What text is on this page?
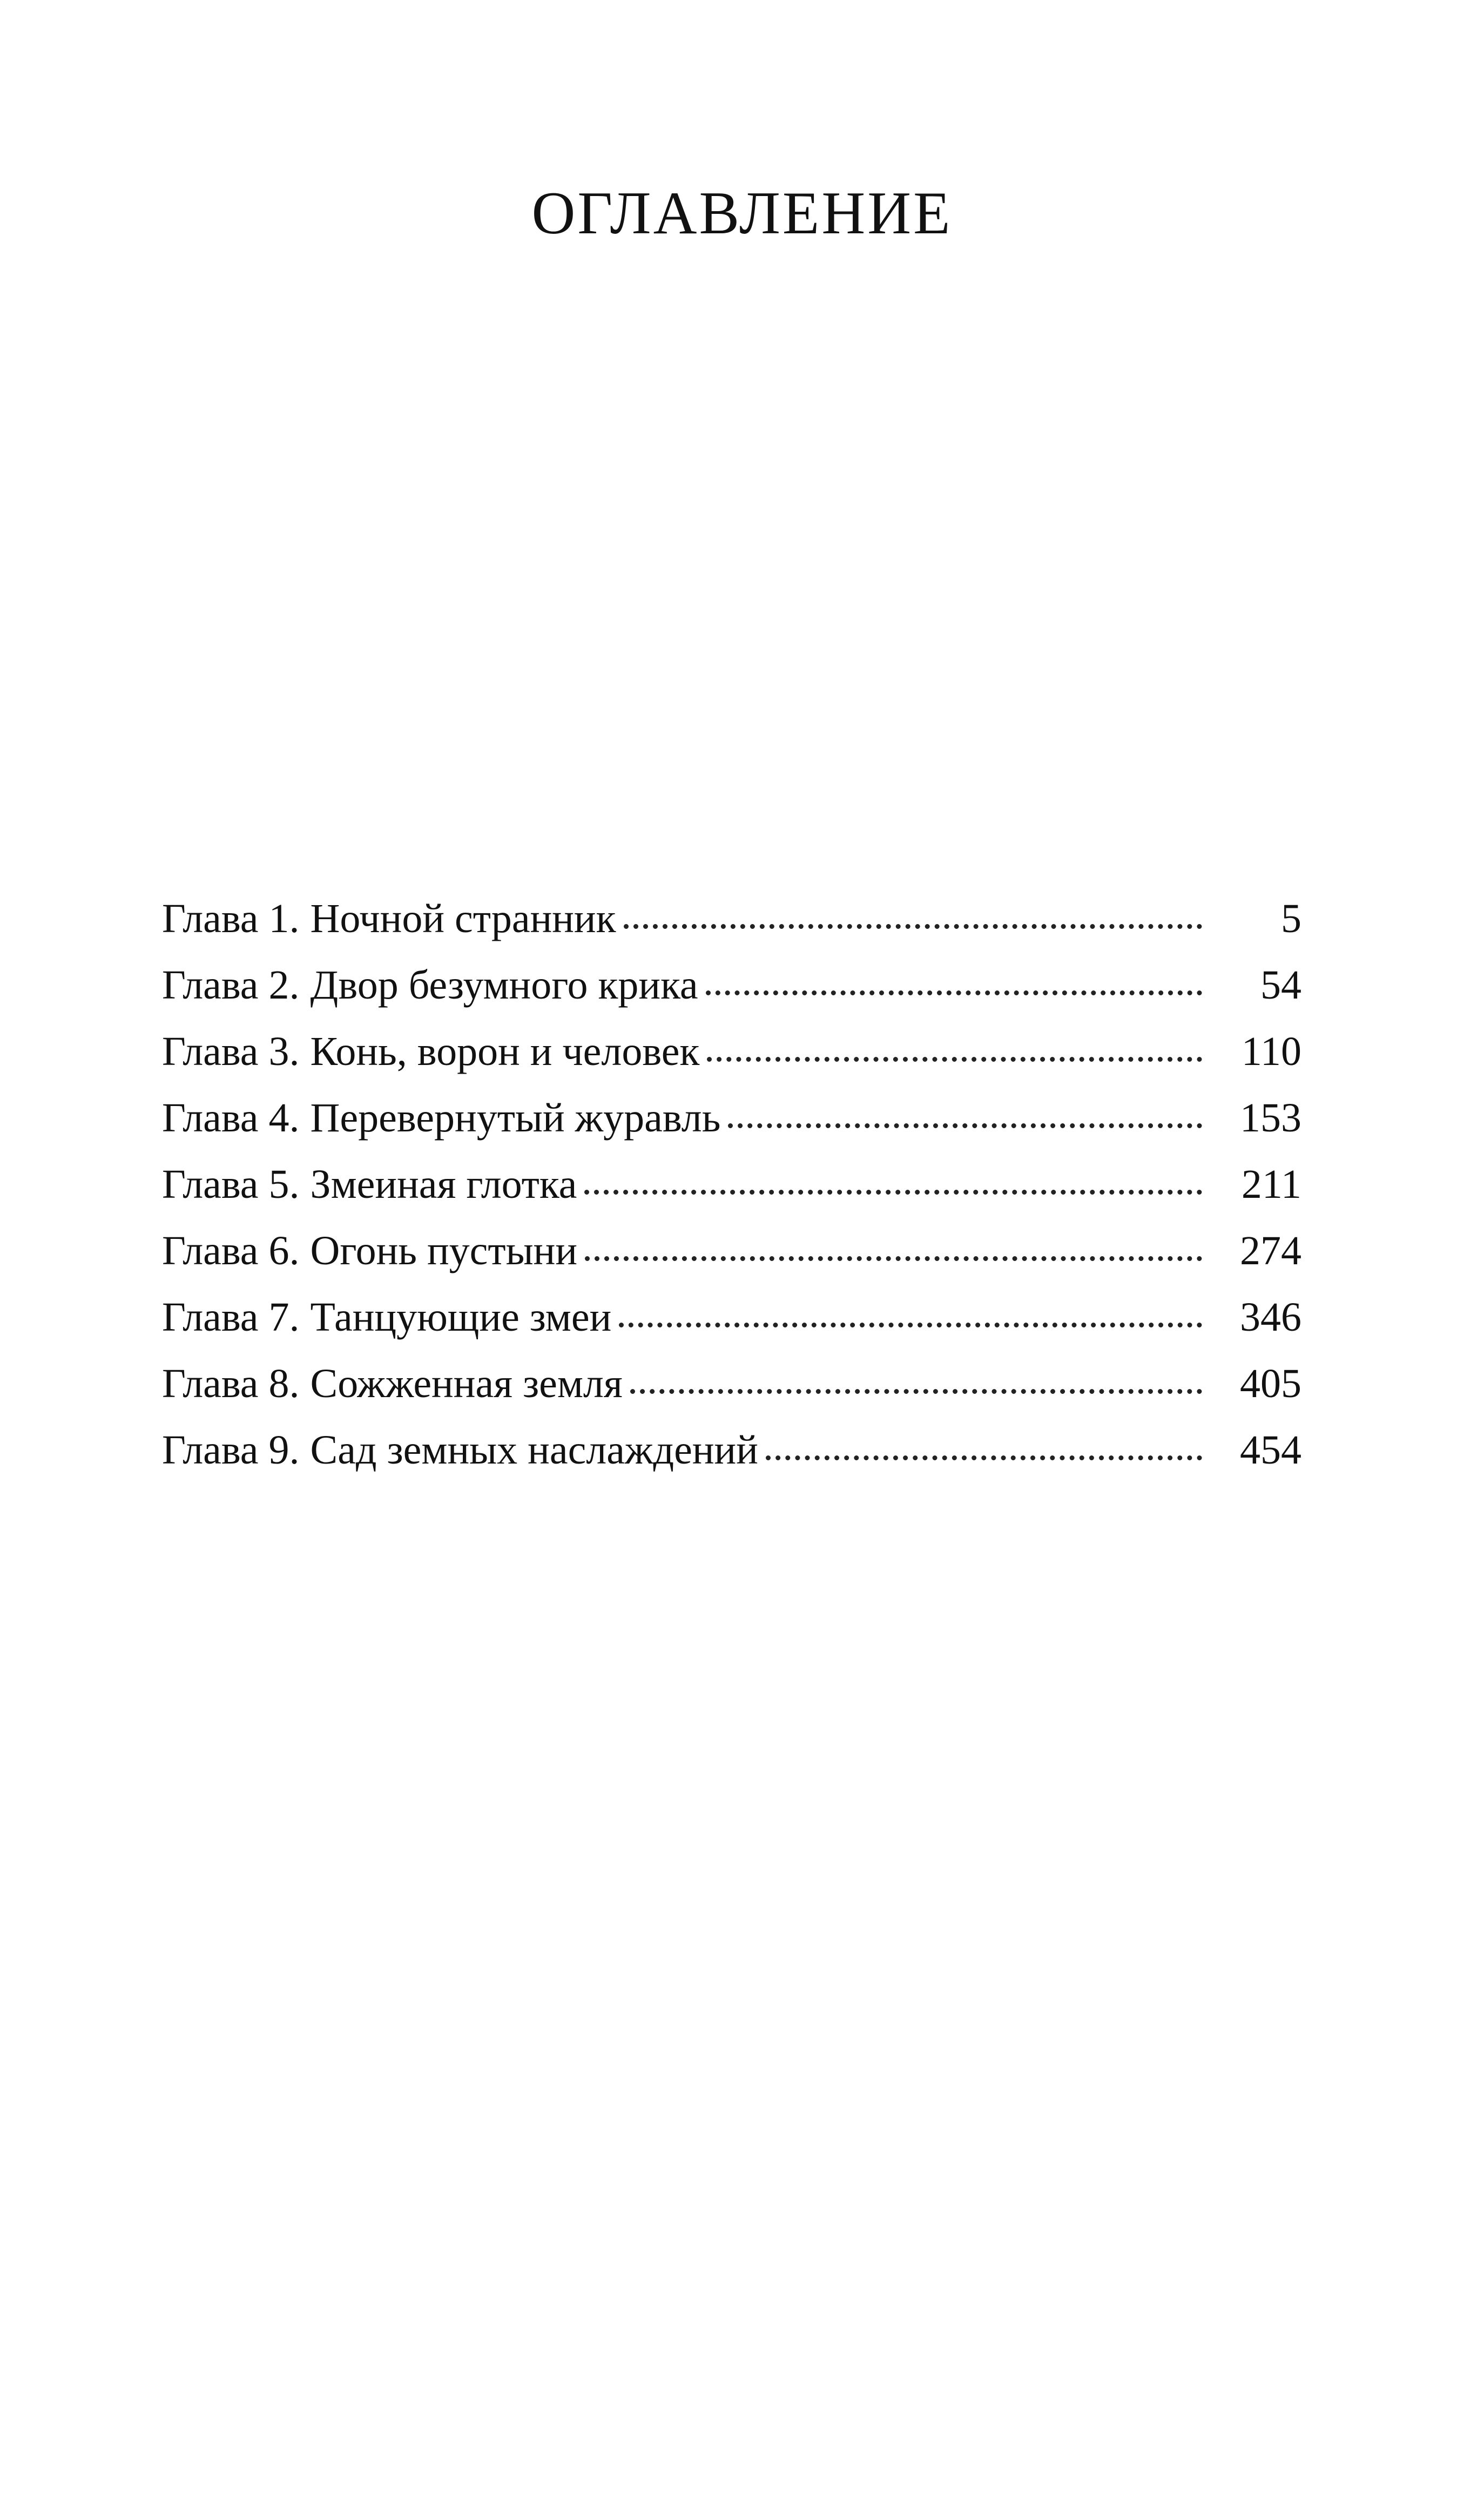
ОГЛАВЛЕНИЕ
Глава 1. Ночной странник	5
Глава 2. Двор безумного крика	54
Глава 3. Конь, ворон и человек	110
Глава 4. Перевернутый журавль	153
Глава 5. Змеиная глотка	211
Глава 6. Огонь пустыни	274
Глава 7. Танцующие змеи	346
Глава 8. Сожженная земля	405
Глава 9. Сад земных наслаждений	454
